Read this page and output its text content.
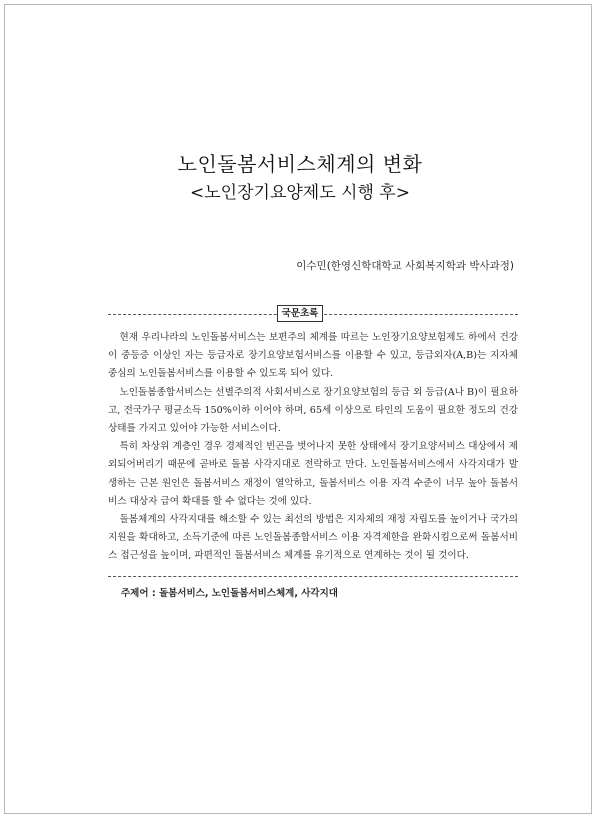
노인돌봄서비스체계의 변화
<노인장기요양제도 시행 후>
이수민(한영신학대학교 사회복지학과 박사과정)
국문초록

현재 우리나라의 노인돌봄서비스는 보편주의 체계를 따르는 노인장기요양보험제도 하에서 건강이 중등증 이상인 자는 등급자로 장기요양보험서비스를 이용할 수 있고, 등급외자(A,B)는 지자체 중심의 노인돌봄서비스를 이용할 수 있도록 되어 있다.

노인돌봄종합서비스는 선별주의적 사회서비스로 장기요양보험의 등급 외 등급(A나 B)이 필요하고, 전국가구 평균소득 150%이하 이어야 하며, 65세 이상으로 타인의 도움이 필요한 정도의 건강상태를 가지고 있어야 가능한 서비스이다.

특히 차상위 계층인 경우 경제적인 빈곤을 벗어나지 못한 상태에서 장기요양서비스 대상에서 제외되어버리기 때문에 곧바로 돌봄 사각지대로 전락하고 만다. 노인돌봄서비스에서 사각지대가 발생하는 근본 원인은 돌봄서비스 재정이 열악하고, 돌봄서비스 이용 자격 수준이 너무 높아 돌봄서비스 대상자 급여 확대를 할 수 없다는 것에 있다.

돌봄체계의 사각지대를 해소할 수 있는 최선의 방법은 지자체의 재정 자립도를 높이거나 국가의 지원을 확대하고, 소득기준에 따른 노인돌봄종합서비스 이용 자격제한을 완화시킴으로써 돌봄서비스 접근성을 높이며, 파편적인 돌봄서비스 체계를 유기적으로 연계하는 것이 될 것이다.

주제어 : 돌봄서비스, 노인돌봄서비스체계, 사각지대
